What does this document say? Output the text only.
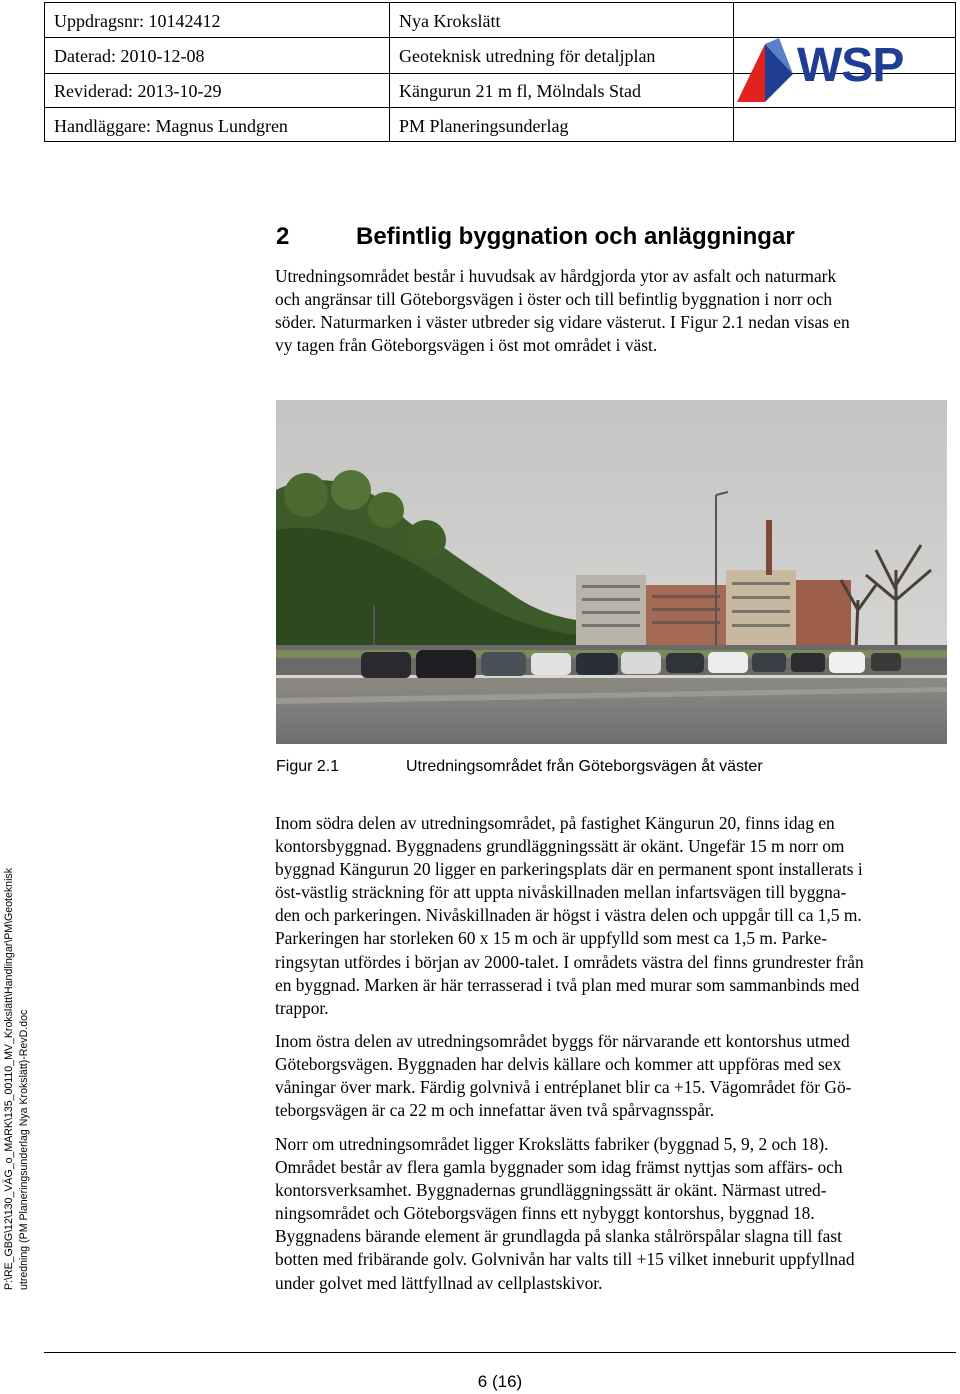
Uppdragsnr: 10142412
Daterad: 2010-12-08
Reviderad: 2013-10-29
Handläggare: Magnus Lundgren
Nya Krokslätt
Geoteknisk utredning för detaljplan
Kängurun 21 m fl, Mölndals Stad
PM Planeringsunderlag
WSP
2	Befintlig byggnation och anläggningar

Utredningsområdet består i huvudsak av hårdgjorda ytor av asfalt och naturmark
och angränsar till Göteborgsvägen i öster och till befintlig byggnation i norr och
söder. Naturmarken i väster utbreder sig vidare västerut. I Figur 2.1 nedan visas en
vy tagen från Göteborgsvägen i öst mot området i väst.

Figur 2.1	Utredningsområdet från Göteborgsvägen åt väster

Inom södra delen av utredningsområdet, på fastighet Kängurun 20, finns idag en
kontorsbyggnad. Byggnadens grundläggningssätt är okänt. Ungefär 15 m norr om
byggnad Kängurun 20 ligger en parkeringsplats där en permanent spont installerats i
öst-västlig sträckning för att uppta nivåskillnaden mellan infartsvägen till byggna-
den och parkeringen. Nivåskillnaden är högst i västra delen och uppgår till ca 1,5 m.
Parkeringen har storleken 60 x 15 m och är uppfylld som mest ca 1,5 m. Parke-
ringsytan utfördes i början av 2000-talet. I områdets västra del finns grundrester från
en byggnad. Marken är här terrasserad i två plan med murar som sammanbinds med
trappor.

Inom östra delen av utredningsområdet byggs för närvarande ett kontorshus utmed
Göteborgsvägen. Byggnaden har delvis källare och kommer att uppföras med sex
våningar över mark. Färdig golvnivå i entréplanet blir ca +15. Vägområdet för Gö-
teborgsvägen är ca 22 m och innefattar även två spårvagnsspår.

Norr om utredningsområdet ligger Krokslätts fabriker (byggnad 5, 9, 2 och 18).
Området består av flera gamla byggnader som idag främst nyttjas som affärs- och
kontorsverksamhet. Byggnadernas grundläggningssätt är okänt. Närmast utred-
ningsområdet och Göteborgsvägen finns ett nybyggt kontorshus, byggnad 18.
Byggnadens bärande element är grundlagda på slanka stålrörspålar slagna till fast
botten med fribärande golv. Golvnivån har valts till +15 vilket inneburit uppfyllnad
under golvet med lättfyllnad av cellplastskivor.

P:\RE_GBG\12\130_VÄG_o_MARK\135_00110_MV_Krokslätt\Handlingar\PM\Geoteknisk utredning (PM Planeringsunderlag Nya Krokslätt)-RevD.doc
6 (16)
